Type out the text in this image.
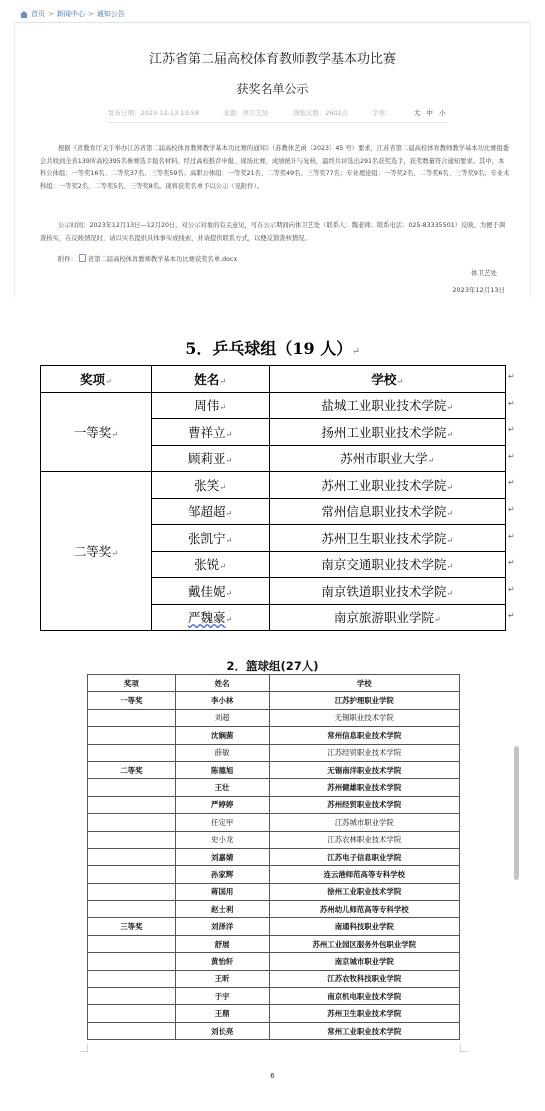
首页 > 新闻中心 > 通知公告
江苏省第二届高校体育教师教学基本功比赛
获奖名单公示
发布日期：2023-12-13 13:58	来源：体卫艺处	浏览次数：2602次	字体：	大 中 小
根据《省教育厅关于举办江苏省第二届高校体育教师教学基本功比赛的通知》（苏教体艺函〔2023〕45 号）要求，江苏省第二届高校体育教师教学基本功比赛组委会共收到全省139所高校395名参赛选手报名材料。经过高校推荐申报、现场比赛、成绩统计与复核，最终共评选出291名获奖选手，获奖数量符合通知要求。其中，本科公体组：一等奖16名、二等奖37名、三等奖59名；高职公体组：一等奖21名、二等奖49名、三等奖77名；专业理论组：一等奖2名、二等奖6名、三等奖9名；专业术科组：一等奖2名、二等奖5名、三等奖8名。现将获奖名单予以公示（见附件）。
公示时间：2023年12月13日—12月20日。对公示对象的有关意见，可在公示期间向体卫艺处（联系人：魏老师；联系电话：025-83335501）反映。为便于调查核实，在反映情况时，请以实名提供具体事实或线索，并请提供联系方式，以便反馈查核情况。
附件： 省第二届高校体育教师教学基本功比赛获奖名单.docx
体卫艺处
2023年12月13日
5．乒乓球组（19 人）↵
奖项↵	姓名↵	学校↵
一等奖↵	周伟↵	盐城工业职业技术学院↵
	曹祥立↵	扬州工业职业技术学院↵
	顾莉亚↵	苏州市职业大学↵
二等奖↵	张笑↵	苏州工业职业技术学院↵
	邹超超↵	常州信息职业技术学院↵
	张凯宁↵	苏州卫生职业技术学院↵
	张锐↵	南京交通职业技术学院↵
	戴佳妮↵	南京铁道职业技术学院↵
	严魏豪↵	南京旅游职业学院↵
↵
↵
↵
↵
↵
↵
↵
↵
↵
↵
2．篮球组(27人)
奖项	姓名	学校
一等奖	李小林	江苏护理职业学院
	刘超	无锡职业技术学院
	沈娴菌	常州信息职业技术学院
	薛敏	江苏经贸职业技术学院
二等奖	陈德旭	无锡南洋职业技术学院
	王壮	苏州健雄职业技术学院
	严婷婷	苏州经贸职业技术学院
	任定甲	江苏城市职业学院
	史小龙	江苏农林职业技术学院
	刘嘉婧	江苏电子信息职业学院
	孙家辉	连云港师范高等专科学校
	蒋国用	徐州工业职业技术学院
	赵士利	苏州幼儿师范高等专科学校
三等奖	刘泽洋	南通科技职业学院
	舒展	苏州工业园区服务外包职业学院
	黄怡轩	南京城市职业学院
	王昕	江苏农牧科技职业学院
	于宇	南京机电职业技术学院
	王鼎	苏州卫生职业技术学院
	刘长亮	常州工业职业技术学院
6
